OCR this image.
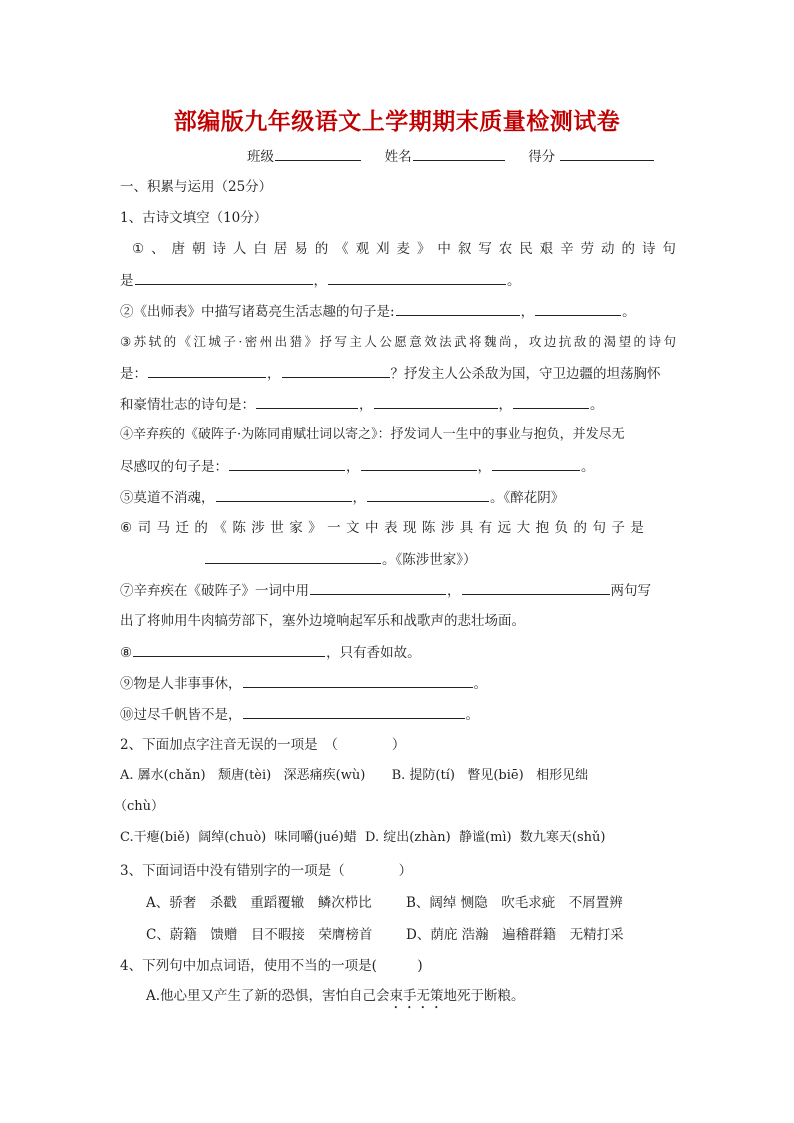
部编版九年级语文上学期期末质量检测试卷
班级	姓名	得分
一、积累与运用（25分）
1、古诗文填空（10分）
① 、 唐 朝 诗 人 白 居 易 的 《 观 刈 麦 》 中 叙 写 农 民 艰 辛 劳 动 的 诗 句
是	，	。
②《出师表》中描写诸葛亮生活志趣的句子是:	，	。
③ 苏 轼 的 《 江 城 子 · 密 州 出 猎 》 抒 写 主 人 公 愿 意 效 法 武 将 魏 尚 ， 攻 边 抗 敌 的 渴 望 的 诗 句
是：	，	？抒发主人公杀敌为国，守卫边疆的坦荡胸怀
和豪情壮志的诗句是：	，	，	。
④辛弃疾的《破阵子·为陈同甫赋壮词以寄之》：抒发词人一生中的事业与抱负，并发尽无
尽感叹的句子是：	，	，	。
⑤莫道不消魂，	，	。《醉花阴》
⑥ 司 马 迁 的 《 陈 涉 世 家 》 一 文 中 表 现 陈 涉 具 有 远 大 抱 负 的 句 子 是
。《陈涉世家》）
⑦辛弃疾在《破阵子》一词中用	，	两句写
出了将帅用牛肉犒劳部下，塞外边境响起军乐和战歌声的悲壮场面。
⑧	，只有香如故。
⑨物是人非事事休，	。
⑩过尽千帆皆不是，	。
2、下面加点字注音无误的一项是　（　　　　）
A. 羼水(chǎn) 颓唐(tèi) 深恶痛疾(wù) B. 提防(tí) 瞥见(biē) 相形见绌
（chù）
C.干瘪(biě) 阔绰(chuò) 味同嚼(jué)蜡 D. 绽出(zhàn) 静谧(mì) 数九寒天(shǔ)
3、下面词语中没有错别字的一项是（　　　　）
A、骄奢　杀戳　重蹈覆辙　鳞次栉比	B、阔绰 恻隐　吹毛求疵　不屑置辨
C、蔚籍　馈赠　目不暇接　荣膺榜首 D、荫庇 浩瀚　遍稽群籍　无精打采
4、下列句中加点词语，使用不当的一项是(　　　)
A.他心里又产生了新的恐惧，害怕自己会束手无策地死于断粮。
